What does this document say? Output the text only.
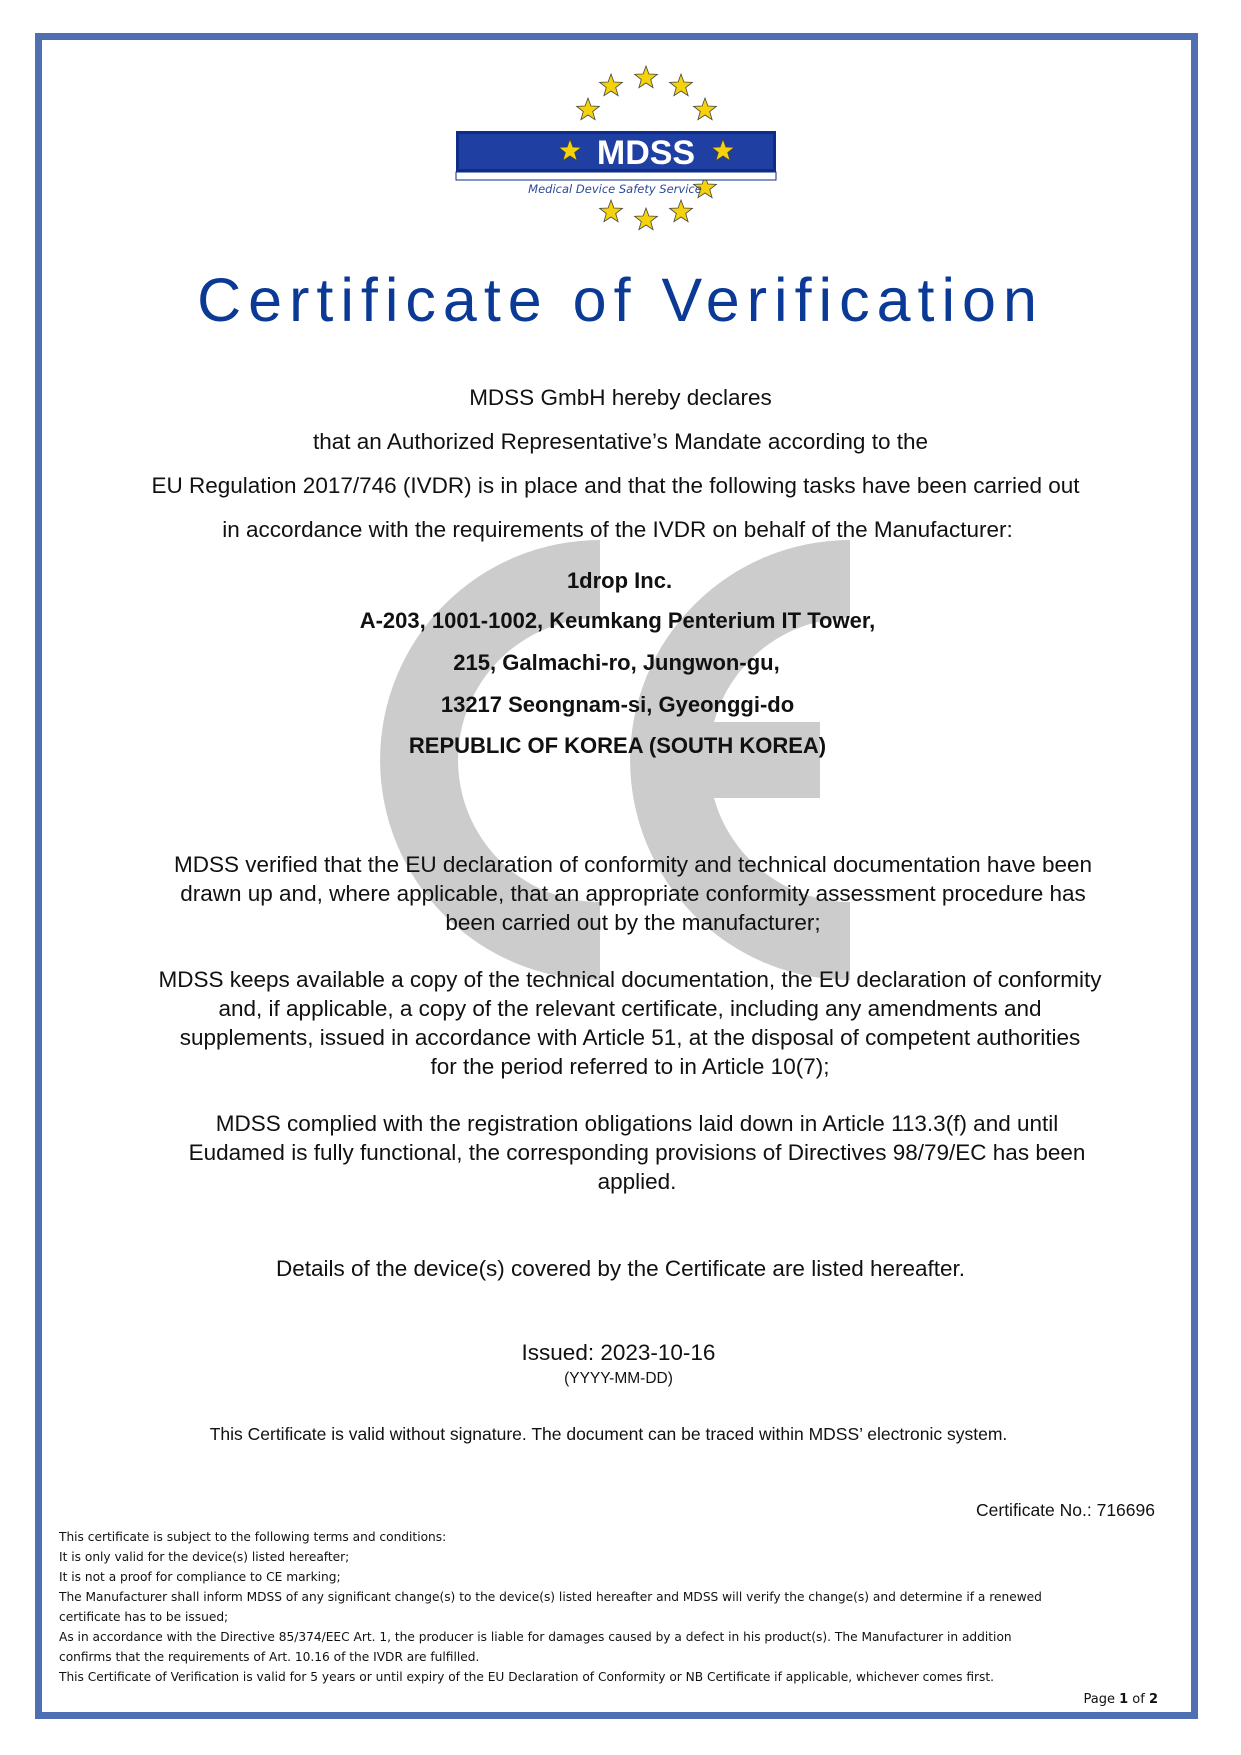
MDSS
Medical Device Safety Service
Certificate of Verification
MDSS GmbH hereby declares
that an Authorized Representative’s Mandate according to the
EU Regulation 2017/746 (IVDR) is in place and that the following tasks have been carried out
in accordance with the requirements of the IVDR on behalf of the Manufacturer:
1drop Inc.
A-203, 1001-1002, Keumkang Penterium IT Tower,
215, Galmachi-ro, Jungwon-gu,
13217 Seongnam-si, Gyeonggi-do
REPUBLIC OF KOREA (SOUTH KOREA)
MDSS verified that the EU declaration of conformity and technical documentation have been
drawn up and, where applicable, that an appropriate conformity assessment procedure has
been carried out by the manufacturer;
MDSS keeps available a copy of the technical documentation, the EU declaration of conformity
and, if applicable, a copy of the relevant certificate, including any amendments and
supplements, issued in accordance with Article 51, at the disposal of competent authorities
for the period referred to in Article 10(7);
MDSS complied with the registration obligations laid down in Article 113.3(f) and until
Eudamed is fully functional, the corresponding provisions of Directives 98/79/EC has been
applied.
Details of the device(s) covered by the Certificate are listed hereafter.
Issued: 2023-10-16
(YYYY-MM-DD)
This Certificate is valid without signature. The document can be traced within MDSS’ electronic system.
Certificate No.: 716696
This certificate is subject to the following terms and conditions:
It is only valid for the device(s) listed hereafter;
It is not a proof for compliance to CE marking;
The Manufacturer shall inform MDSS of any significant change(s) to the device(s) listed hereafter and MDSS will verify the change(s) and determine if a renewed
certificate has to be issued;
As in accordance with the Directive 85/374/EEC Art. 1, the producer is liable for damages caused by a defect in his product(s). The Manufacturer in addition
confirms that the requirements of Art. 10.16 of the IVDR are fulfilled.
This Certificate of Verification is valid for 5 years or until expiry of the EU Declaration of Conformity or NB Certificate if applicable, whichever comes first.
Page 1 of 2
